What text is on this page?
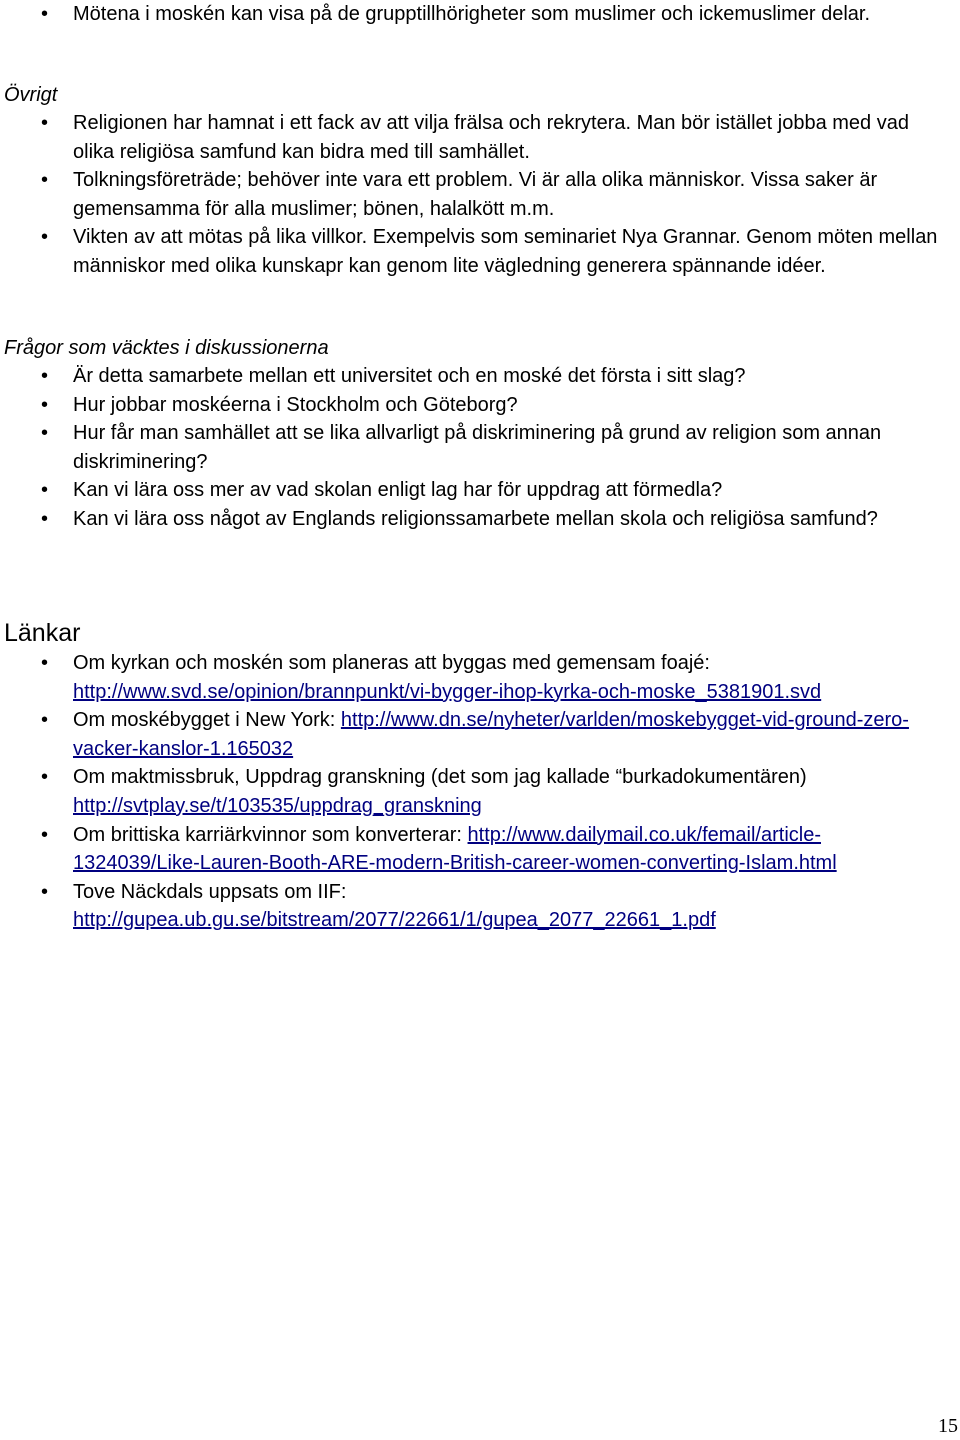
• Mötena i moskén kan visa på de grupptillhörigheter som muslimer och ickemuslimer delar.
Övrigt
• Religionen har hamnat i ett fack av att vilja frälsa och rekrytera. Man bör istället jobba med vad olika religiösa samfund kan bidra med till samhället.
• Tolkningsföreträde; behöver inte vara ett problem. Vi är alla olika människor. Vissa saker är gemensamma för alla muslimer; bönen, halalkött m.m.
• Vikten av att mötas på lika villkor. Exempelvis som seminariet Nya Grannar. Genom möten mellan människor med olika kunskapr kan genom lite vägledning generera spännande idéer.
Frågor som väcktes i diskussionerna
• Är detta samarbete mellan ett universitet och en moské det första i sitt slag?
• Hur jobbar moskéerna i Stockholm och Göteborg?
• Hur får man samhället att se lika allvarligt på diskriminering på grund av religion som annan diskriminering?
• Kan vi lära oss mer av vad skolan enligt lag har för uppdrag att förmedla?
• Kan vi lära oss något av Englands religionssamarbete mellan skola och religiösa samfund?
Länkar
• Om kyrkan och moskén som planeras att byggas med gemensam foajé: http://www.svd.se/opinion/brannpunkt/vi-bygger-ihop-kyrka-och-moske_5381901.svd
• Om moskébygget i New York: http://www.dn.se/nyheter/varlden/moskebygget-vid-ground-zero-vacker-kanslor-1.165032
• Om maktmissbruk, Uppdrag granskning (det som jag kallade “burkadokumentären) http://svtplay.se/t/103535/uppdrag_granskning
• Om brittiska karriärkvinnor som konverterar: http://www.dailymail.co.uk/femail/article-1324039/Like-Lauren-Booth-ARE-modern-British-career-women-converting-Islam.html
• Tove Näckdals uppsats om IIF: http://gupea.ub.gu.se/bitstream/2077/22661/1/gupea_2077_22661_1.pdf
15
